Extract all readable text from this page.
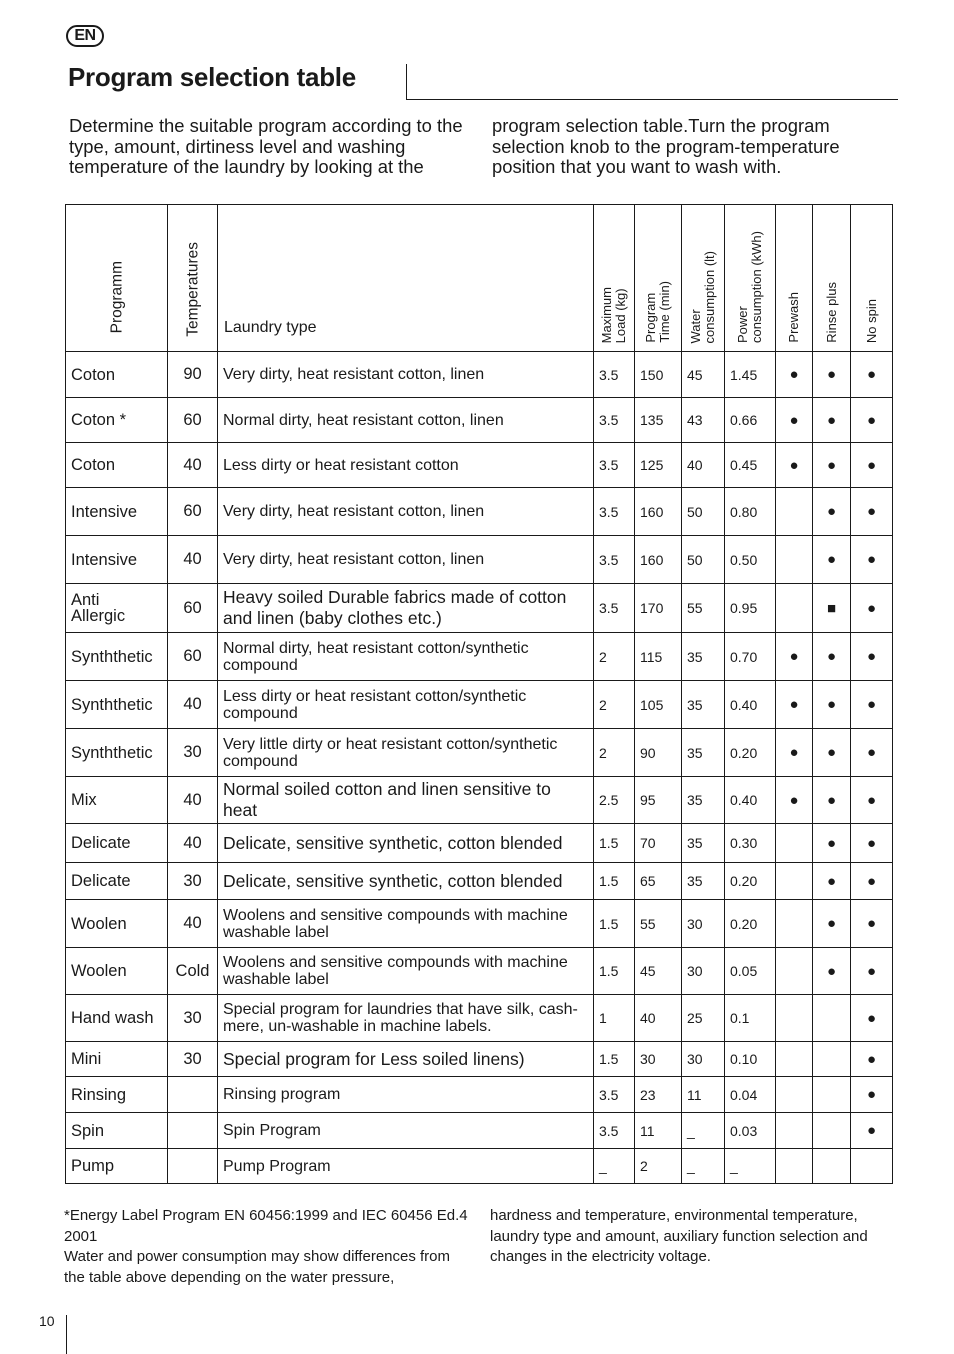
EN
Program selection table

Determine the suitable program according to the type, amount, dirtiness level and washing temperature of the laundry by looking at the

program selection table.Turn the program selection knob to the program-temperature position that you want to wash with.

Programm	Temperatures	Laundry type	Maximum
Load (kg)	Program
Time (min)	Water
consumption (lt)	Power
consumption (kWh)	Prewash	Rinse plus	No spin

Coton	90	Very dirty, heat resistant cotton, linen	3.5	150	45	1.45	●	●	●
Coton *	60	Normal dirty, heat resistant cotton, linen	3.5	135	43	0.66	●	●	●
Coton	40	Less dirty or heat resistant cotton	3.5	125	40	0.45	●	●	●
Intensive	60	Very dirty, heat resistant cotton, linen	3.5	160	50	0.80		●	●
Intensive	40	Very dirty, heat resistant cotton, linen	3.5	160	50	0.50		●	●
Anti
Allergic	60	Heavy soiled Durable fabrics made of cotton and linen (baby clothes etc.)	3.5	170	55	0.95		■	●
Synththetic	60	Normal dirty, heat resistant cotton/synthetic compound	2	115	35	0.70	●	●	●
Synththetic	40	Less dirty or heat resistant cotton/synthetic compound	2	105	35	0.40	●	●	●
Synththetic	30	Very little dirty or heat resistant cotton/synthetic compound	2	90	35	0.20	●	●	●
Mix	40	Normal soiled cotton and linen sensitive to heat	2.5	95	35	0.40	●	●	●
Delicate	40	Delicate, sensitive synthetic, cotton blended	1.5	70	35	0.30		●	●
Delicate	30	Delicate, sensitive synthetic, cotton blended	1.5	65	35	0.20		●	●
Woolen	40	Woolens and sensitive compounds with machine washable label	1.5	55	30	0.20		●	●
Woolen	Cold	Woolens and sensitive compounds with machine washable label	1.5	45	30	0.05		●	●
Hand wash	30	Special program for laundries that have silk, cash-mere, un-washable in machine labels.	1	40	25	0.1			●
Mini	30	Special program for Less soiled linens)	1.5	30	30	0.10			●
Rinsing		Rinsing program	3.5	23	11	0.04			●
Spin		Spin Program	3.5	11	_	0.03			●
Pump		Pump Program	_	2	_	_			
*Energy Label Program EN 60456:1999 and IEC 60456 Ed.4 2001
Water and power consumption may show differences from the table above depending on the water pressure,
hardness and temperature, environmental temperature, laundry type and amount, auxiliary function selection and changes in the electricity voltage.
10
